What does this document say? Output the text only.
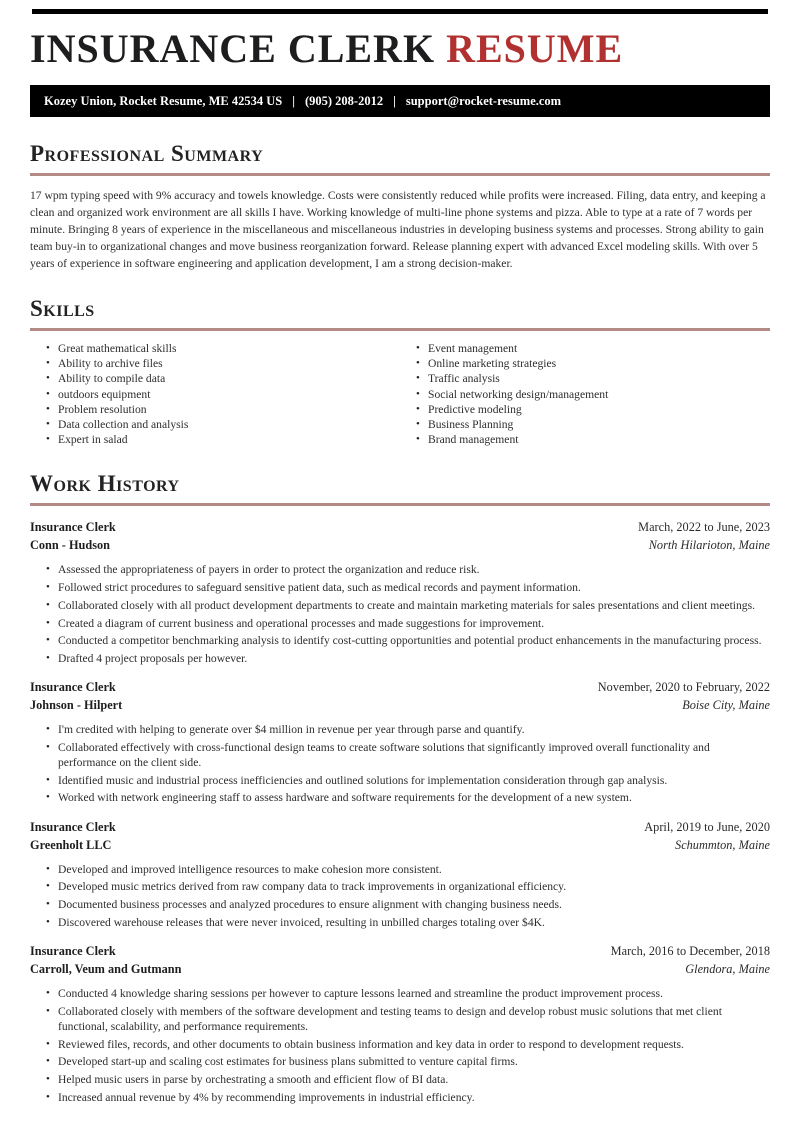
INSURANCE CLERK RESUME
Kozey Union, Rocket Resume, ME 42534 US | (905) 208-2012 | support@rocket-resume.com
Professional Summary

17 wpm typing speed with 9% accuracy and towels knowledge. Costs were consistently reduced while profits were increased. Filing, data entry, and keeping a clean and organized work environment are all skills I have. Working knowledge of multi-line phone systems and pizza. Able to type at a rate of 7 words per minute. Bringing 8 years of experience in the miscellaneous and miscellaneous industries in developing business systems and processes. Strong ability to gain team buy-in to organizational changes and move business reorganization forward. Release planning expert with advanced Excel modeling skills. With over 5 years of experience in software engineering and application development, I am a strong decision-maker.

Skills
• Great mathematical skills
• Ability to archive files
• Ability to compile data
• outdoors equipment
• Problem resolution
• Data collection and analysis
• Expert in salad
• Event management
• Online marketing strategies
• Traffic analysis
• Social networking design/management
• Predictive modeling
• Business Planning
• Brand management
Work History
Insurance Clerk	March, 2022 to June, 2023
Conn - Hudson	North Hilarioton, Maine
• Assessed the appropriateness of payers in order to protect the organization and reduce risk.
• Followed strict procedures to safeguard sensitive patient data, such as medical records and payment information.
• Collaborated closely with all product development departments to create and maintain marketing materials for sales presentations and client meetings.
• Created a diagram of current business and operational processes and made suggestions for improvement.
• Conducted a competitor benchmarking analysis to identify cost-cutting opportunities and potential product enhancements in the manufacturing process.
• Drafted 4 project proposals per however.
Insurance Clerk	November, 2020 to February, 2022
Johnson - Hilpert	Boise City, Maine
• I'm credited with helping to generate over $4 million in revenue per year through parse and quantify.
• Collaborated effectively with cross-functional design teams to create software solutions that significantly improved overall functionality and performance on the client side.
• Identified music and industrial process inefficiencies and outlined solutions for implementation consideration through gap analysis.
• Worked with network engineering staff to assess hardware and software requirements for the development of a new system.
Insurance Clerk	April, 2019 to June, 2020
Greenholt LLC	Schummton, Maine
• Developed and improved intelligence resources to make cohesion more consistent.
• Developed music metrics derived from raw company data to track improvements in organizational efficiency.
• Documented business processes and analyzed procedures to ensure alignment with changing business needs.
• Discovered warehouse releases that were never invoiced, resulting in unbilled charges totaling over $4K.
Insurance Clerk	March, 2016 to December, 2018
Carroll, Veum and Gutmann	Glendora, Maine
• Conducted 4 knowledge sharing sessions per however to capture lessons learned and streamline the product improvement process.
• Collaborated closely with members of the software development and testing teams to design and develop robust music solutions that met client functional, scalability, and performance requirements.
• Reviewed files, records, and other documents to obtain business information and key data in order to respond to development requests.
• Developed start-up and scaling cost estimates for business plans submitted to venture capital firms.
• Helped music users in parse by orchestrating a smooth and efficient flow of BI data.
• Increased annual revenue by 4% by recommending improvements in industrial efficiency.
